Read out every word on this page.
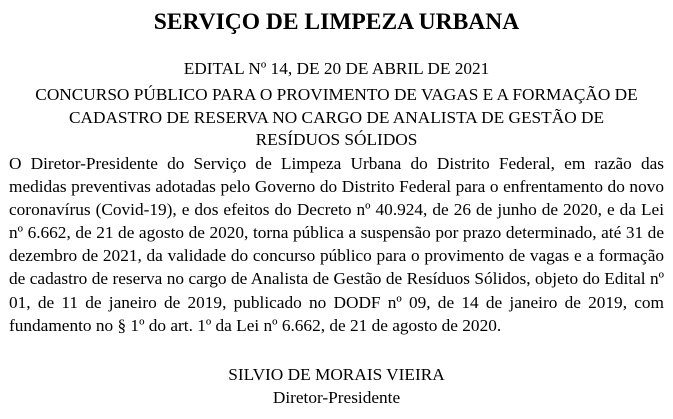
SERVIÇO DE LIMPEZA URBANA
EDITAL Nº 14, DE 20 DE ABRIL DE 2021
CONCURSO PÚBLICO PARA O PROVIMENTO DE VAGAS E A FORMAÇÃO DE
CADASTRO DE RESERVA NO CARGO DE ANALISTA DE GESTÃO DE
RESÍDUOS SÓLIDOS

O Diretor-Presidente do Serviço de Limpeza Urbana do Distrito Federal, em razão das medidas preventivas adotadas pelo Governo do Distrito Federal para o enfrentamento do novo coronavírus (Covid-19), e dos efeitos do Decreto nº 40.924, de 26 de junho de 2020, e da Lei nº 6.662, de 21 de agosto de 2020, torna pública a suspensão por prazo determinado, até 31 de dezembro de 2021, da validade do concurso público para o provimento de vagas e a formação de cadastro de reserva no cargo de Analista de Gestão de Resíduos Sólidos, objeto do Edital nº 01, de 11 de janeiro de 2019, publicado no DODF nº 09, de 14 de janeiro de 2019, com fundamento no § 1º do art. 1º da Lei nº 6.662, de 21 de agosto de 2020.

SILVIO DE MORAIS VIEIRA
Diretor-Presidente
